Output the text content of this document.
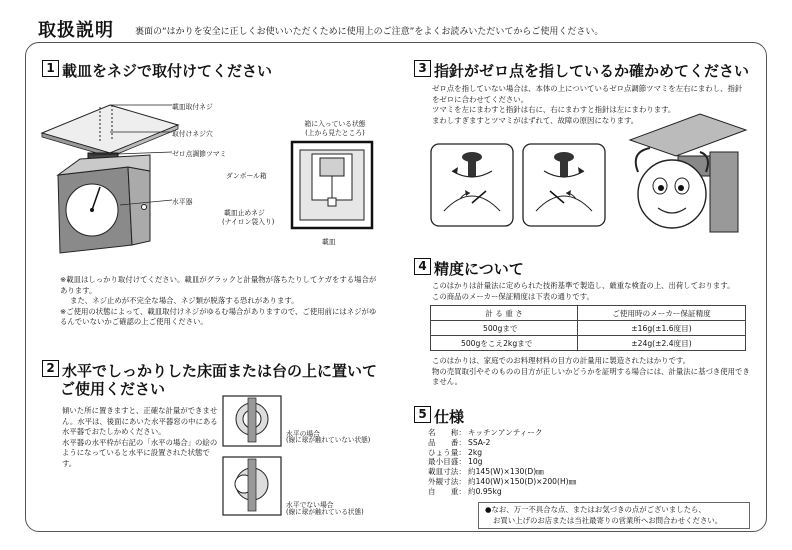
取扱説明 裏面の“はかりを安全に正しくお使いいただくために使用上のご注意”をよくお読みいただいてからご使用ください。
1 載皿をネジで取付けてください
載皿取付ネジ
取付けネジ穴
ゼロ点調節ツマミ
水平器
箱に入っている状態
(上から見たところ)
ダンボール箱
載皿止めネジ
(ナイロン袋入り)
載皿
※載皿はしっかり取付けてください。載皿がグラックと計量物が落ちたりしてケガをする場合があります。
また、ネジ止めが不完全な場合、ネジ類が脱落する恐れがあります。
※ご使用の状態によって、載皿取付けネジがゆるむ場合がありますので、ご使用前にはネジがゆるんでいないかご確認の上ご使用ください。
2 水平でしっかりした床面または台の上に置いて
ご使用ください
傾いた所に置きますと、正確な計量ができません。水平は、後面にあいた水平器窓の中にある水平器でおたしかめください。
水平器の水平枠が右記の「水平の場合」の絵のようになっていると水平に設置された状態です。
水平の場合
(線に球が触れていない状態)
水平でない場合
(線に球が触れている状態)
3 指針がゼロ点を指しているか確かめてください
ゼロ点を指していない場合は、本体の上についているゼロ点調節ツマミを左右にまわし、指針をゼロに合わせてください。
ツマミを左にまわすと指針は右に、右にまわすと指針は左にまわります。
まわしすぎますとツマミがはずれて、故障の原因になります。
4 精度について
このはかりは計量法に定められた技術基準で製造し、厳重な検査の上、出荷しております。
この商品のメーカー保証精度は下表の通りです。
計 る 重 さ	ご使用時のメーカー保証精度
500gまで	±16g(±1.6度目)
500gをこえ2kgまで	±24g(±2.4度目)
このはかりは、家庭でのお料理材料の目方の計量用に製造されたはかりです。
物の売買取引やそのものの目方が正しいかどうかを証明する場合には、計量法に基づき使用できません。
5 仕様
名　　称： キッチンアンティーク
品　　番： SSA-2
ひょう量： 2kg
最小目盛： 10g
載皿寸法： 約145(W)×130(D)㎜
外観寸法： 約140(W)×150(D)×200(H)㎜
自　　重： 約0.95kg
●なお、万一不具合な点、またはお気づきの点がございましたら、
お買い上げのお店または当社最寄りの営業所へお問合わせください。
